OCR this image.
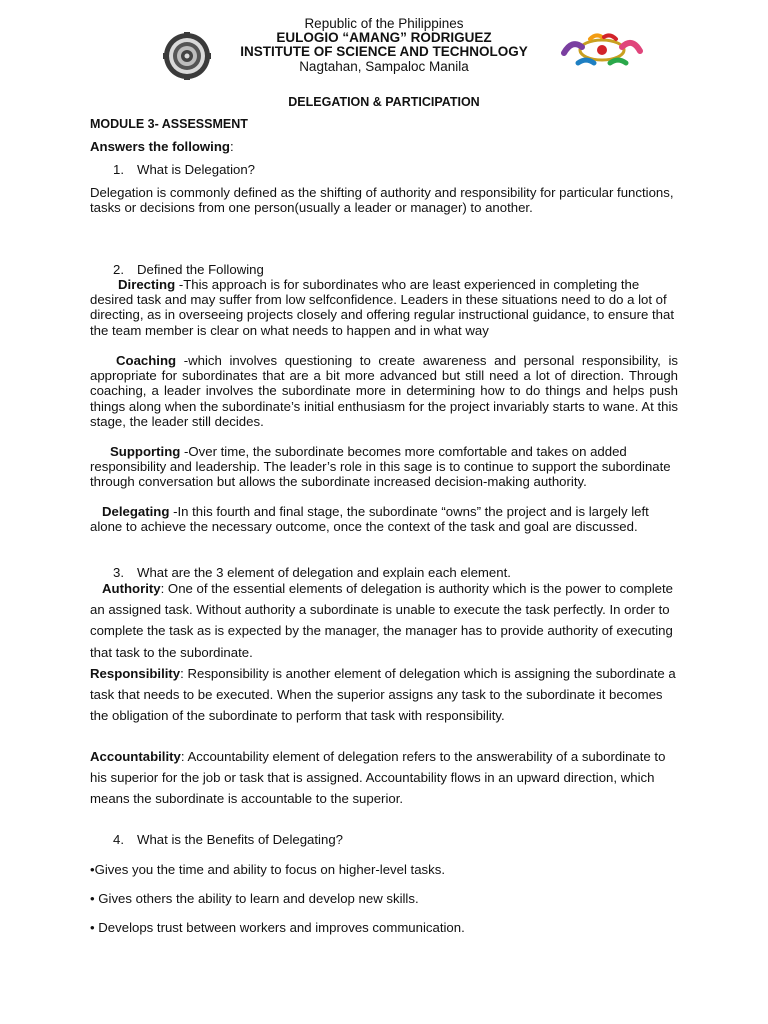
Republic of the Philippines
EULOGIO “AMANG” RODRIGUEZ
INSTITUTE OF SCIENCE AND TECHNOLOGY
Nagtahan, Sampaloc Manila
DELEGATION & PARTICIPATION
MODULE 3- ASSESSMENT
Answers the following:
1. What is Delegation?

Delegation is commonly defined as the shifting of authority and responsibility for particular functions, tasks or decisions from one person(usually a leader or manager) to another.

2. Defined the Following

Directing -This approach is for subordinates who are least experienced in completing the desired task and may suffer from low selfconfidence. Leaders in these situations need to do a lot of directing, as in overseeing projects closely and offering regular instructional guidance, to ensure that the team member is clear on what needs to happen and in what way

Coaching -which involves questioning to create awareness and personal responsibility, is appropriate for subordinates that are a bit more advanced but still need a lot of direction. Through coaching, a leader involves the subordinate more in determining how to do things and helps push things along when the subordinate’s initial enthusiasm for the project invariably starts to wane. At this stage, the leader still decides.

Supporting -Over time, the subordinate becomes more comfortable and takes on added responsibility and leadership. The leader’s role in this sage is to continue to support the subordinate through conversation but allows the subordinate increased decision-making authority.

Delegating -In this fourth and final stage, the subordinate “owns” the project and is largely left alone to achieve the necessary outcome, once the context of the task and goal are discussed.

3. What are the 3 element of delegation and explain each element.

Authority: One of the essential elements of delegation is authority which is the power to complete an assigned task. Without authority a subordinate is unable to execute the task perfectly. In order to complete the task as is expected by the manager, the manager has to provide authority of executing that task to the subordinate.

Responsibility: Responsibility is another element of delegation which is assigning the subordinate a task that needs to be executed. When the superior assigns any task to the subordinate it becomes the obligation of the subordinate to perform that task with responsibility.

Accountability: Accountability element of delegation refers to the answerability of a subordinate to his superior for the job or task that is assigned. Accountability flows in an upward direction, which means the subordinate is accountable to the superior.

4. What is the Benefits of Delegating?
•Gives you the time and ability to focus on higher-level tasks.
• Gives others the ability to learn and develop new skills.
• Develops trust between workers and improves communication.
